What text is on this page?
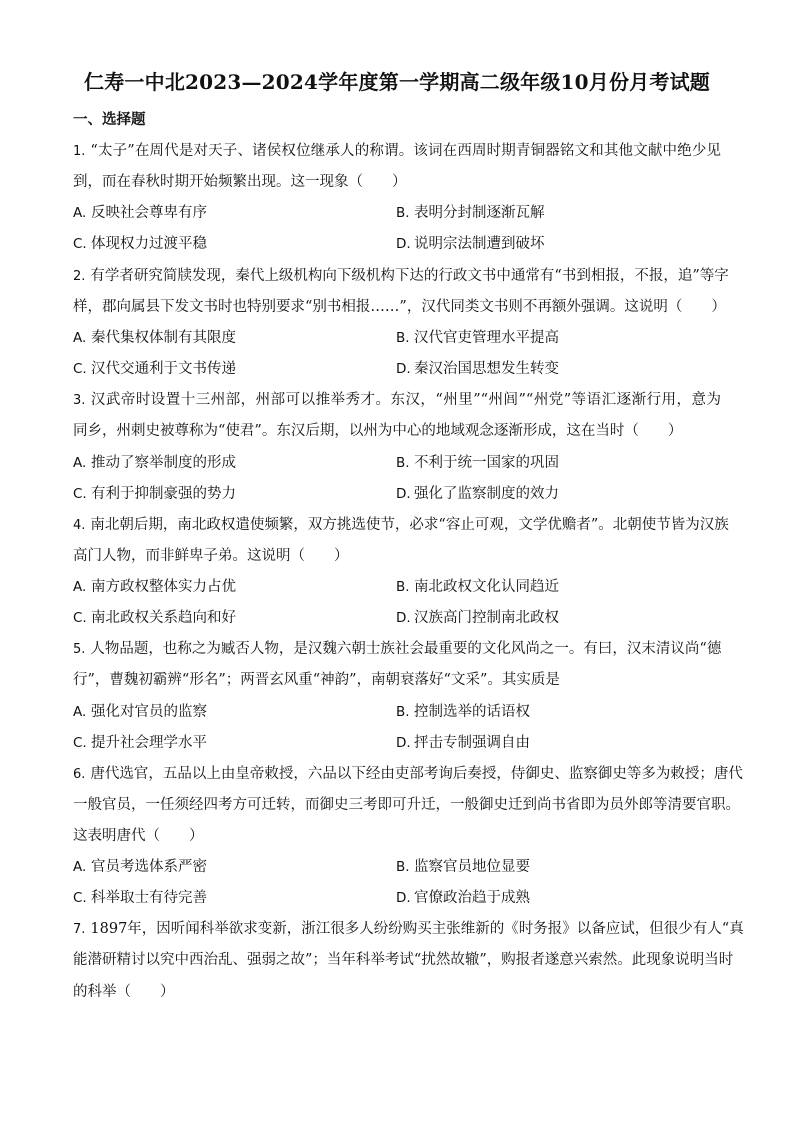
仁寿一中北2023—2024学年度第一学期高二级年级10月份月考试题
一、选择题
1. “太子”在周代是对天子、诸侯权位继承人的称谓。该词在西周时期青铜器铭文和其他文献中绝少见
到，而在春秋时期开始频繁出现。这一现象（　　）
A. 反映社会尊卑有序	B. 表明分封制逐渐瓦解
C. 体现权力过渡平稳	D. 说明宗法制遭到破坏
2. 有学者研究简牍发现，秦代上级机构向下级机构下达的行政文书中通常有“书到相报，不报，追”等字
样，郡向属县下发文书时也特别要求“别书相报……”，汉代同类文书则不再额外强调。这说明（　　）
A. 秦代集权体制有其限度	B. 汉代官吏管理水平提高
C. 汉代交通利于文书传递	D. 秦汉治国思想发生转变
3. 汉武帝时设置十三州部，州部可以推举秀才。东汉，“州里”“州闾”“州党”等语汇逐渐行用，意为
同乡，州刺史被尊称为“使君”。东汉后期，以州为中心的地域观念逐渐形成，这在当时（　　）
A. 推动了察举制度的形成	B. 不利于统一国家的巩固
C. 有利于抑制豪强的势力	D. 强化了监察制度的效力
4. 南北朝后期，南北政权遣使频繁，双方挑选使节，必求“容止可观，文学优赡者”。北朝使节皆为汉族
高门人物，而非鲜卑子弟。这说明（　　）
A. 南方政权整体实力占优	B. 南北政权文化认同趋近
C. 南北政权关系趋向和好	D. 汉族高门控制南北政权
5. 人物品题，也称之为臧否人物，是汉魏六朝士族社会最重要的文化风尚之一。有曰，汉末清议尚“德
行”，曹魏初霸辨“形名”；两晋玄风重“神韵”，南朝衰落好“文采”。其实质是
A. 强化对官员的监察	B. 控制选举的话语权
C. 提升社会理学水平	D. 抨击专制强调自由
6. 唐代选官，五品以上由皇帝敕授，六品以下经由吏部考询后奏授，侍御史、监察御史等多为敕授；唐代
一般官员，一任须经四考方可迁转，而御史三考即可升迁，一般御史迁到尚书省即为员外郎等清要官职。
这表明唐代（　　）
A. 官员考选体系严密	B. 监察官员地位显要
C. 科举取士有待完善	D. 官僚政治趋于成熟
7. 1897年，因听闻科举欲求变新，浙江很多人纷纷购买主张维新的《时务报》以备应试，但很少有人“真
能潜研精讨以究中西治乱、强弱之故”；当年科举考试“扰然故辙”，购报者遂意兴索然。此现象说明当时
的科举（　　）
